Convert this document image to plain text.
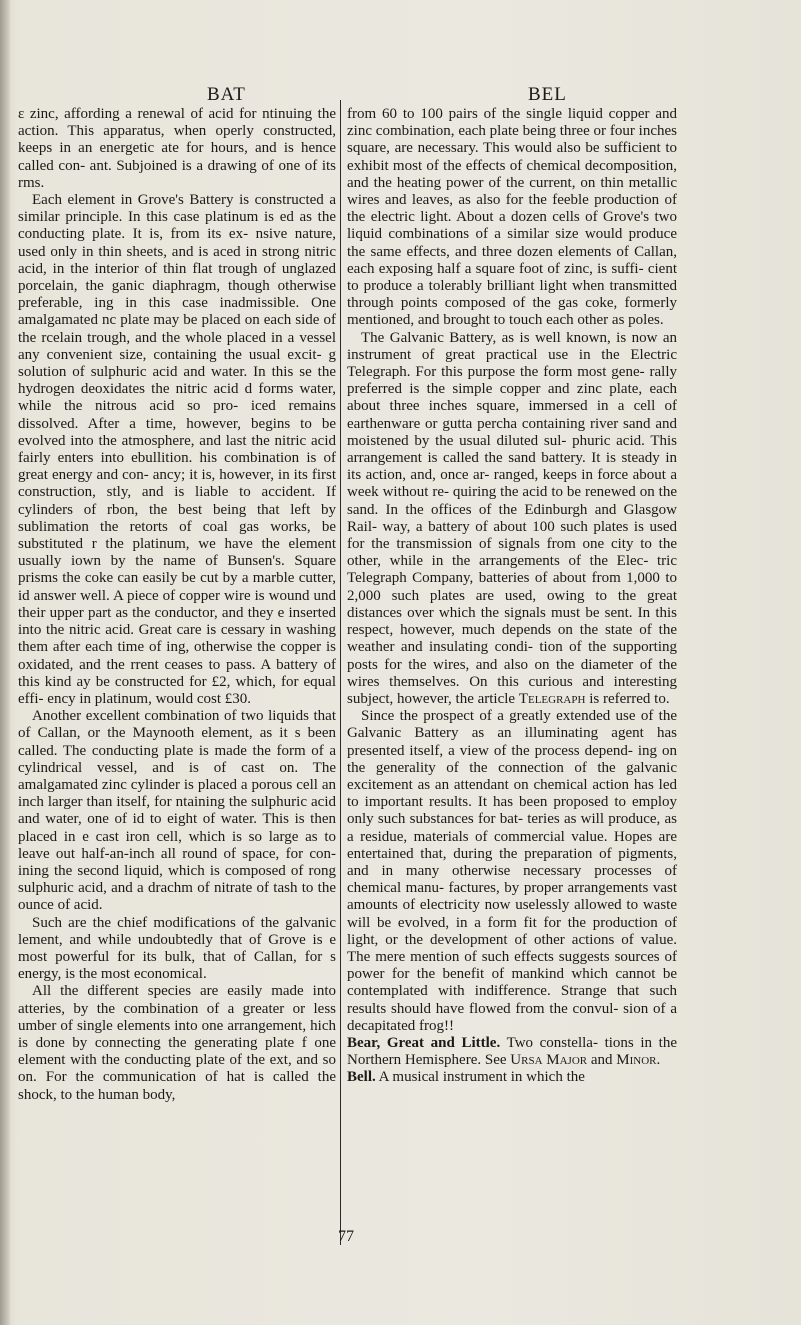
BAT	BEL

ɛ zinc, affording a renewal of acid for ntinuing the action. This apparatus, when operly constructed, keeps in an energetic ate for hours, and is hence called con- ant. Subjoined is a drawing of one of its rms.

Each element in Grove's Battery is constructed a similar principle. In this case platinum is ed as the conducting plate. It is, from its ex- nsive nature, used only in thin sheets, and is aced in strong nitric acid, in the interior of thin flat trough of unglazed porcelain, the ganic diaphragm, though otherwise preferable, ing in this case inadmissible. One amalgamated nc plate may be placed on each side of the rcelain trough, and the whole placed in a vessel any convenient size, containing the usual excit- g solution of sulphuric acid and water. In this se the hydrogen deoxidates the nitric acid d forms water, while the nitrous acid so pro- iced remains dissolved. After a time, however, begins to be evolved into the atmosphere, and last the nitric acid fairly enters into ebullition. his combination is of great energy and con- ancy; it is, however, in its first construction, stly, and is liable to accident. If cylinders of rbon, the best being that left by sublimation the retorts of coal gas works, be substituted r the platinum, we have the element usually iown by the name of Bunsen's. Square prisms the coke can easily be cut by a marble cutter, id answer well. A piece of copper wire is wound und their upper part as the conductor, and they e inserted into the nitric acid. Great care is cessary in washing them after each time of ing, otherwise the copper is oxidated, and the rrent ceases to pass. A battery of this kind ay be constructed for £2, which, for equal effi- ency in platinum, would cost £30.

Another excellent combination of two liquids that of Callan, or the Maynooth element, as it s been called. The conducting plate is made the form of a cylindrical vessel, and is of cast on. The amalgamated zinc cylinder is placed a porous cell an inch larger than itself, for ntaining the sulphuric acid and water, one of id to eight of water. This is then placed in e cast iron cell, which is so large as to leave out half-an-inch all round of space, for con- ining the second liquid, which is composed of rong sulphuric acid, and a drachm of nitrate of tash to the ounce of acid.

Such are the chief modifications of the galvanic lement, and while undoubtedly that of Grove is e most powerful for its bulk, that of Callan, for s energy, is the most economical.

All the different species are easily made into atteries, by the combination of a greater or less umber of single elements into one arrangement, hich is done by connecting the generating plate f one element with the conducting plate of the ext, and so on. For the communication of hat is called the shock, to the human body,

from 60 to 100 pairs of the single liquid copper and zinc combination, each plate being three or four inches square, are necessary. This would also be sufficient to exhibit most of the effects of chemical decomposition, and the heating power of the current, on thin metallic wires and leaves, as also for the feeble production of the electric light. About a dozen cells of Grove's two liquid combinations of a similar size would produce the same effects, and three dozen elements of Callan, each exposing half a square foot of zinc, is suffi- cient to produce a tolerably brilliant light when transmitted through points composed of the gas coke, formerly mentioned, and brought to touch each other as poles.

The Galvanic Battery, as is well known, is now an instrument of great practical use in the Electric Telegraph. For this purpose the form most gene- rally preferred is the simple copper and zinc plate, each about three inches square, immersed in a cell of earthenware or gutta percha containing river sand and moistened by the usual diluted sul- phuric acid. This arrangement is called the sand battery. It is steady in its action, and, once ar- ranged, keeps in force about a week without re- quiring the acid to be renewed on the sand. In the offices of the Edinburgh and Glasgow Rail- way, a battery of about 100 such plates is used for the transmission of signals from one city to the other, while in the arrangements of the Elec- tric Telegraph Company, batteries of about from 1,000 to 2,000 such plates are used, owing to the great distances over which the signals must be sent. In this respect, however, much depends on the state of the weather and insulating condi- tion of the supporting posts for the wires, and also on the diameter of the wires themselves. On this curious and interesting subject, however, the article Telegraph is referred to.

Since the prospect of a greatly extended use of the Galvanic Battery as an illuminating agent has presented itself, a view of the process depend- ing on the generality of the connection of the galvanic excitement as an attendant on chemical action has led to important results. It has been proposed to employ only such substances for bat- teries as will produce, as a residue, materials of commercial value. Hopes are entertained that, during the preparation of pigments, and in many otherwise necessary processes of chemical manu- factures, by proper arrangements vast amounts of electricity now uselessly allowed to waste will be evolved, in a form fit for the production of light, or the development of other actions of value. The mere mention of such effects suggests sources of power for the benefit of mankind which cannot be contemplated with indifference. Strange that such results should have flowed from the convul- sion of a decapitated frog!!

Bear, Great and Little. Two constella- tions in the Northern Hemisphere. See Ursa Major and Minor.

Bell. A musical instrument in which the

77
